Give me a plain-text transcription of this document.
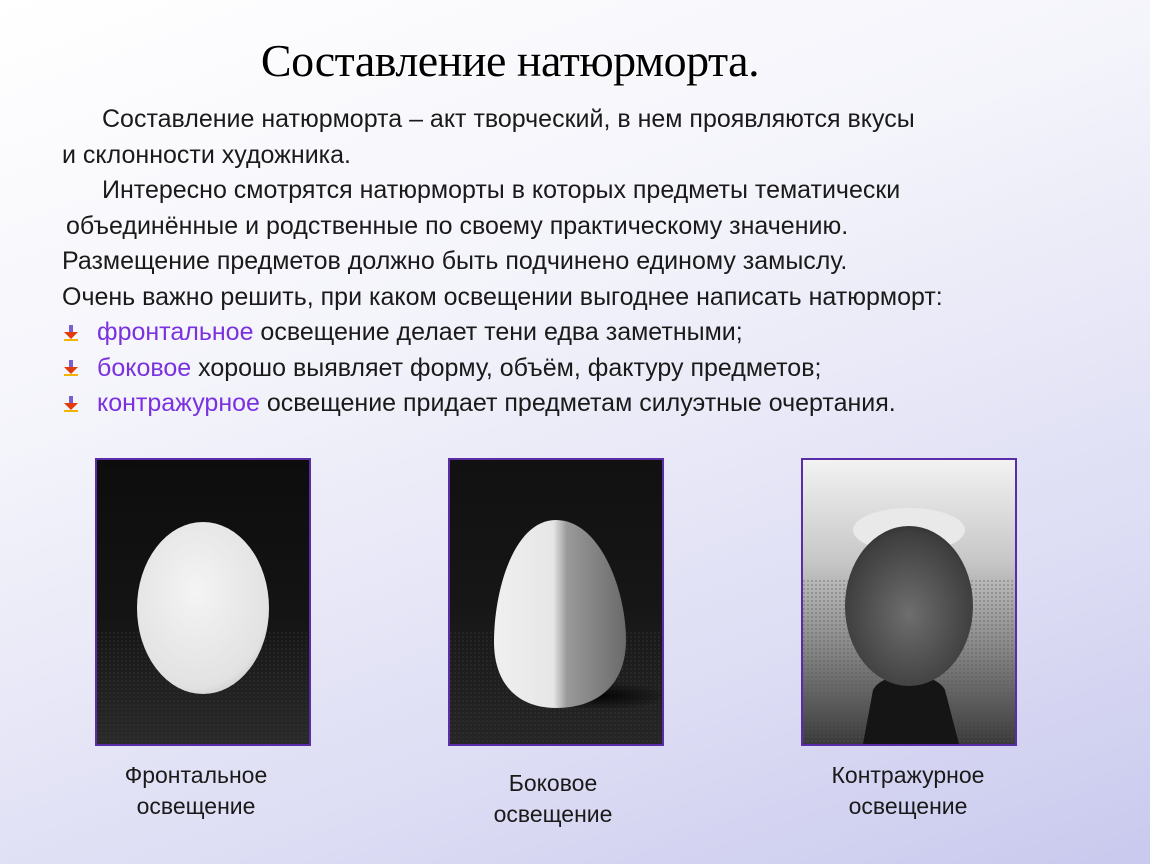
Составление натюрморта.
Составление натюрморта – акт творческий, в нем проявляются вкусы
и склонности художника.
Интересно смотрятся натюрморты в которых предметы тематически
объединённые и родственные по своему практическому значению.
Размещение предметов должно быть подчинено единому замыслу.
Очень важно решить, при каком освещении выгоднее написать натюрморт:
фронтальное освещение делает тени едва заметными;
боковое хорошо выявляет форму, объём, фактуру предметов;
контражурное освещение придает предметам силуэтные очертания.
Фронтальное
освещение
Боковое
освещение
Контражурное
освещение
